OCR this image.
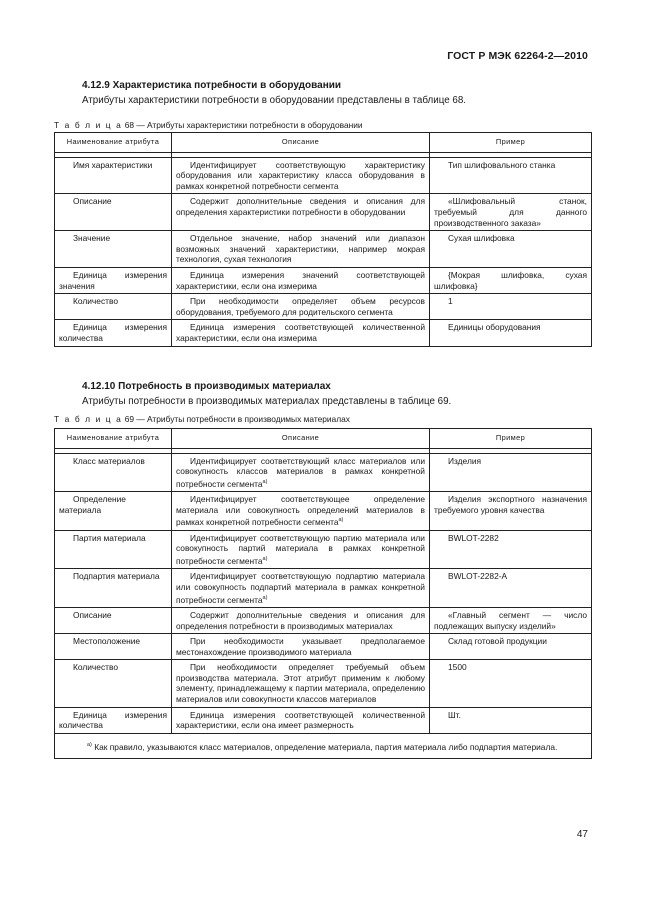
ГОСТ Р МЭК 62264-2—2010
4.12.9 Характеристика потребности в оборудовании
Атрибуты характеристики потребности в оборудовании представлены в таблице 68.
Т а б л и ц а 68 — Атрибуты характеристики потребности в оборудовании
Наименование атрибута	Описание	Пример

Имя характеристики	Идентифицирует соответствующую характеристику оборудования или характеристику класса оборудования в рамках конкретной потребности сегмента	Тип шлифовального станка
Описание	Содержит дополнительные сведения и описания для определения характеристики потребности в оборудовании	«Шлифовальный станок, требуемый для данного производственного заказа»
Значение	Отдельное значение, набор значений или диапазон возможных значений характеристики, например мокрая технология, сухая технология	Сухая шлифовка
Единица измерения значения	Единица измерения значений соответствующей характеристики, если она измерима	{Мокрая шлифовка, сухая шлифовка}
Количество	При необходимости определяет объем ресурсов оборудования, требуемого для родительского сегмента	1
Единица измерения количества	Единица измерения соответствующей количественной характеристики, если она измерима	Единицы оборудования
4.12.10 Потребность в производимых материалах
Атрибуты потребности в производимых материалах представлены в таблице 69.
Т а б л и ц а 69 — Атрибуты потребности в производимых материалах
Наименование атрибута	Описание	Пример

Класс материалов	Идентифицирует соответствующий класс материалов или совокупность классов материалов в рамках конкретной потребности сегмента$^{а)}$	Изделия
Определение материала	Идентифицирует соответствующее определение материала или совокупность определений материалов в рамках конкретной потребности сегмента$^{а)}$	Изделия экспортного назначения требуемого уровня качества
Партия материала	Идентифицирует соответствующую партию материала или совокупность партий материала в рамках конкретной потребности сегмента$^{а)}$	BWLOT-2282
Подпартия материала	Идентифицирует соответствующую подпартию материала или совокупность подпартий материала в рамках конкретной потребности сегмента$^{а)}$	BWLOT-2282-A
Описание	Содержит дополнительные сведения и описания для определения потребности в производимых материалах	«Главный сегмент — число подлежащих выпуску изделий»
Местоположение	При необходимости указывает предполагаемое местонахождение производимого материала	Склад готовой продукции
Количество	При необходимости определяет требуемый объем производства материала. Этот атрибут применим к любому элементу, принадлежащему к партии материала, определению материалов или совокупности классов материалов	1500
Единица измерения количества	Единица измерения соответствующей количественной характеристики, если она имеет размерность	Шт.
$^{а)}$ Как правило, указываются класс материалов, определение материала, партия материала либо подпартия материала.		
47
